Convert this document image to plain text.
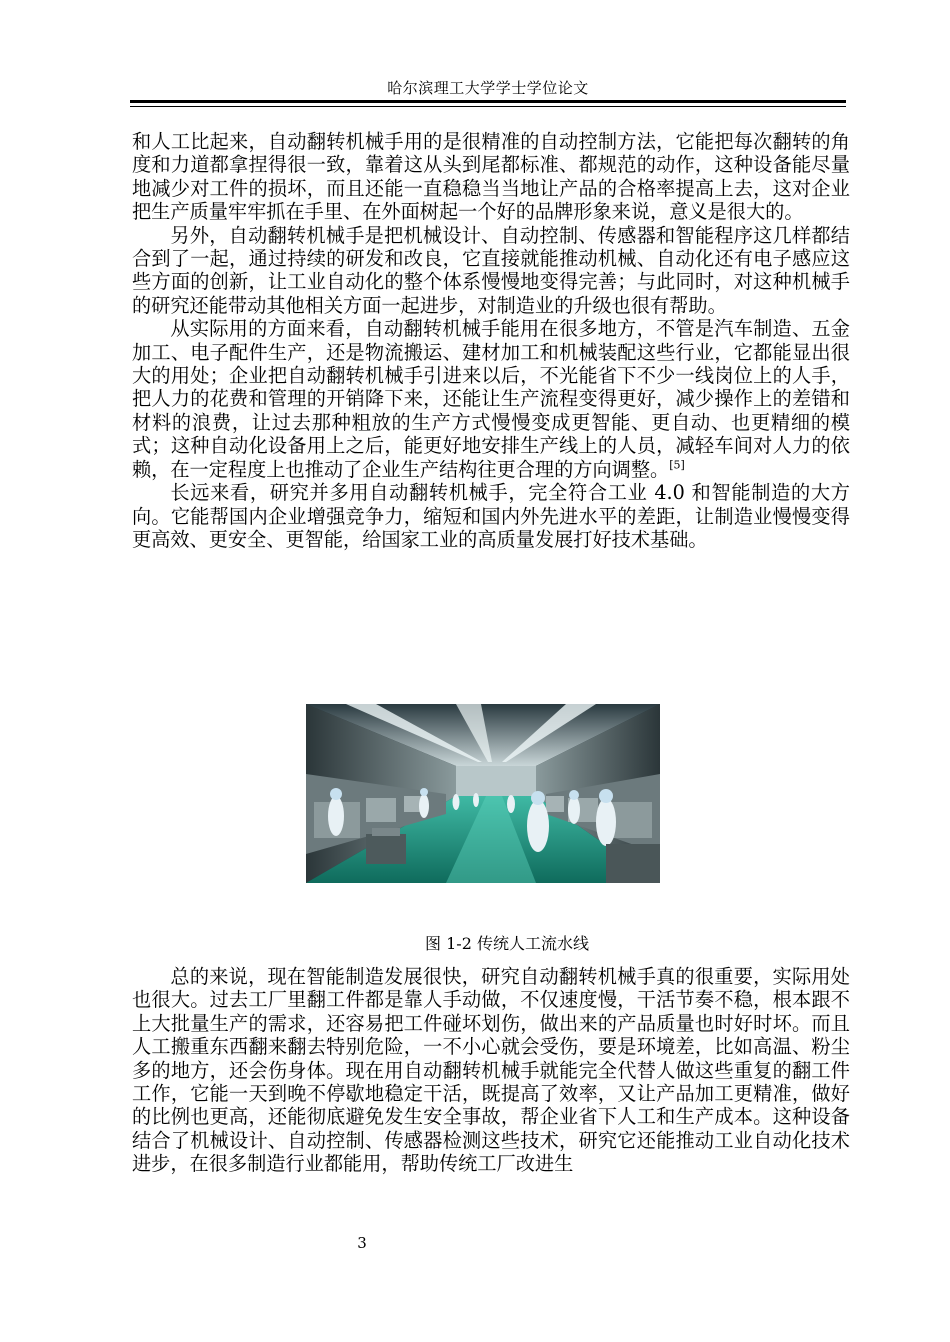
哈尔滨理工大学学士学位论文

和人工比起来，自动翻转机械手用的是很精准的自动控制方法，它能把每次翻转的角度和力道都拿捏得很一致，靠着这从头到尾都标准、都规范的动作，这种设备能尽量地减少对工件的损坏，而且还能一直稳稳当当地让产品的合格率提高上去，这对企业把生产质量牢牢抓在手里、在外面树起一个好的品牌形象来说，意义是很大的。

另外，自动翻转机械手是把机械设计、自动控制、传感器和智能程序这几样都结合到了一起，通过持续的研发和改良，它直接就能推动机械、自动化还有电子感应这些方面的创新，让工业自动化的整个体系慢慢地变得完善；与此同时，对这种机械手的研究还能带动其他相关方面一起进步，对制造业的升级也很有帮助。

从实际用的方面来看，自动翻转机械手能用在很多地方，不管是汽车制造、五金加工、电子配件生产，还是物流搬运、建材加工和机械装配这些行业，它都能显出很大的用处；企业把自动翻转机械手引进来以后，不光能省下不少一线岗位上的人手，把人力的花费和管理的开销降下来，还能让生产流程变得更好，减少操作上的差错和材料的浪费，让过去那种粗放的生产方式慢慢变成更智能、更自动、也更精细的模式；这种自动化设备用上之后，能更好地安排生产线上的人员，减轻车间对人力的依赖，在一定程度上也推动了企业生产结构往更合理的方向调整。[5]

长远来看，研究并多用自动翻转机械手，完全符合工业 4.0 和智能制造的大方向。它能帮国内企业增强竞争力，缩短和国内外先进水平的差距，让制造业慢慢变得更高效、更安全、更智能，给国家工业的高质量发展打好技术基础。

图 1-2 传统人工流水线

总的来说，现在智能制造发展很快，研究自动翻转机械手真的很重要，实际用处也很大。过去工厂里翻工件都是靠人手动做，不仅速度慢，干活节奏不稳，根本跟不上大批量生产的需求，还容易把工件碰坏划伤，做出来的产品质量也时好时坏。而且人工搬重东西翻来翻去特别危险，一不小心就会受伤，要是环境差，比如高温、粉尘多的地方，还会伤身体。现在用自动翻转机械手就能完全代替人做这些重复的翻工件工作，它能一天到晚不停歇地稳定干活，既提高了效率，又让产品加工更精准，做好的比例也更高，还能彻底避免发生安全事故，帮企业省下人工和生产成本。这种设备结合了机械设计、自动控制、传感器检测这些技术，研究它还能推动工业自动化技术进步，在很多制造行业都能用，帮助传统工厂改进生

3
